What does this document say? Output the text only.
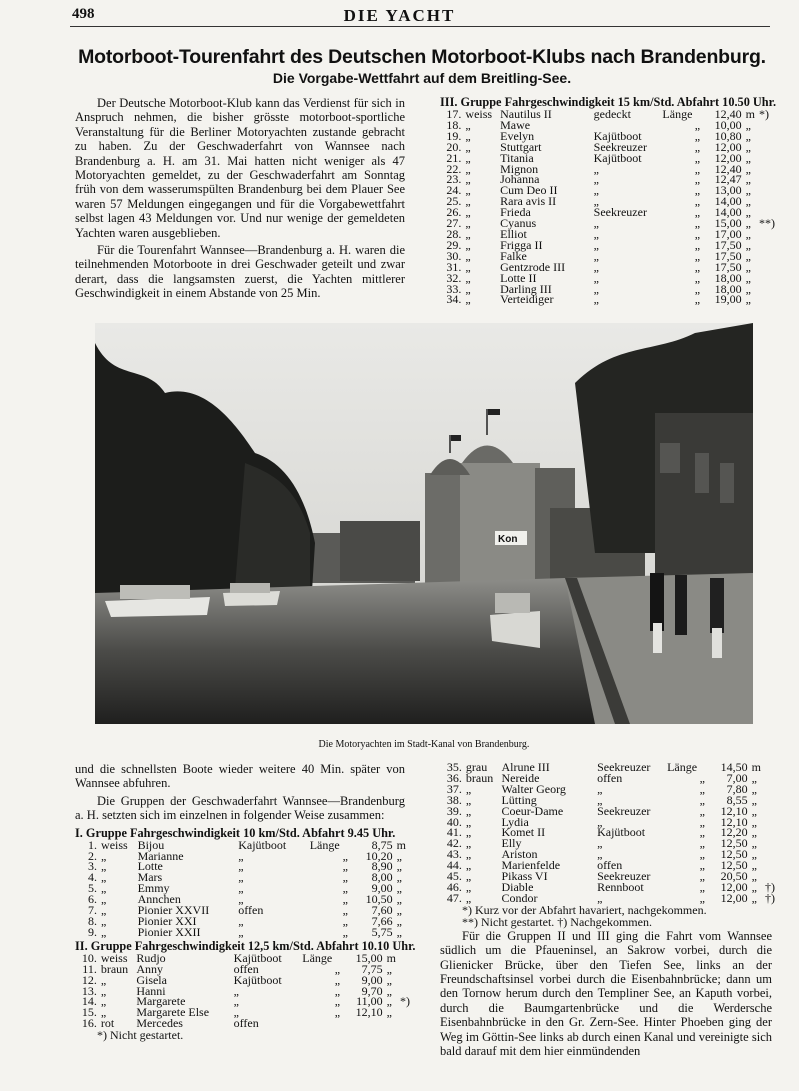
498	DIE YACHT
Motorboot-Tourenfahrt des Deutschen Motorboot-Klubs nach Brandenburg.
Die Vorgabe-Wettfahrt auf dem Breitling-See.

Der Deutsche Motorboot-Klub kann das Verdienst für sich in Anspruch nehmen, die bisher grösste motorboot-sportliche Veranstaltung für die Berliner Motoryachten zustande gebracht zu haben. Zu der Geschwaderfahrt von Wannsee nach Brandenburg a. H. am 31. Mai hatten nicht weniger als 47 Motoryachten gemeldet, zu der Geschwaderfahrt am Sonntag früh von dem wasserumspülten Brandenburg bei dem Plauer See waren 57 Meldungen eingegangen und für die Vorgabewettfahrt selbst lagen 43 Meldungen vor. Und nur wenige der gemeldeten Yachten waren ausgeblieben.

Für die Tourenfahrt Wannsee—Brandenburg a. H. waren die teilnehmenden Motorboote in drei Geschwader geteilt und zwar derart, dass die langsamsten zuerst, die Yachten mittlerer Geschwindigkeit in einem Abstande von 25 Min.

III. Gruppe Fahrgeschwindigkeit 15 km/Std. Abfahrt 10.50 Uhr.
17.	weiss	Nautilus II	gedeckt	Länge		12,40	m	*)
18.	„	Mawe			„	10,00	„	
19.	„	Evelyn	Kajütboot		„	10,80	„	
20.	„	Stuttgart	Seekreuzer		„	12,00	„	
21.	„	Titania	Kajütboot		„	12,00	„	
22.	„	Mignon	„		„	12,40	„	
23.	„	Johanna	„		„	12,47	„	
24.	„	Cum Deo II	„		„	13,00	„	
25.	„	Rara avis II	„		„	14,00	„	
26.	„	Frieda	Seekreuzer		„	14,00	„	
27.	„	Cyanus	„		„	15,00	„	**)
28.	„	Elliot	„		„	17,00	„	
29.	„	Frigga II	„		„	17,50	„	
30.	„	Falke	„		„	17,50	„	
31.	„	Gentzrode III	„		„	17,50	„	
32.	„	Lotte II	„		„	18,00	„	
33.	„	Darling III	„		„	18,00	„	
34.	„	Verteidiger	„		„	19,00	„	
Kon
Die Motoryachten im Stadt-Kanal von Brandenburg.

und die schnellsten Boote wieder weitere 40 Min. später von Wannsee abfuhren.

Die Gruppen der Geschwaderfahrt Wannsee—Brandenburg a. H. setzten sich im einzelnen in folgender Weise zusammen:

I. Gruppe Fahrgeschwindigkeit 10 km/Std. Abfahrt 9.45 Uhr.
1.	weiss	Bijou	Kajütboot	Länge		8,75	m	
2.	„	Marianne	„		„	10,20	„	
3.	„	Lotte	„		„	8,90	„	
4.	„	Mars	„		„	8,00	„	
5.	„	Emmy	„		„	9,00	„	
6.	„	Annchen	„		„	10,50	„	
7.	„	Pionier XXVII	offen		„	7,60	„	
8.	„	Pionier XXI	„		„	7,66	„	
9.	„	Pionier XXII	„		„	5,75	„	
II. Gruppe Fahrgeschwindigkeit 12,5 km/Std. Abfahrt 10.10 Uhr.
10.	weiss	Rudjo	Kajütboot	Länge		15,00	m	
11.	braun	Anny	offen		„	7,75	„	
12.	„	Gisela	Kajütboot		„	9,00	„	
13.	„	Hanni	„		„	9,70	„	
14.	„	Margarete	„		„	11,00	„	*)
15.	„	Margarete Else	„		„	12,10	„	
16.	rot	Mercedes	offen					
*) Nicht gestartet.
35.	grau	Alrune III	Seekreuzer	Länge		14,50	m	
36.	braun	Nereide	offen		„	7,00	„	
37.	„	Walter Georg	„		„	7,80	„	
38.	„	Lütting	„		„	8,55	„	
39.	„	Coeur-Dame	Seekreuzer		„	12,10	„	
40.	„	Lydia	„		„	12,10	„	
41.	„	Komet II	Kajütboot		„	12,20	„	
42.	„	Elly	„		„	12,50	„	
43.	„	Ariston	„		„	12,50	„	
44.	„	Marienfelde	offen		„	12,50	„	
45.	„	Pikass VI	Seekreuzer		„	20,50	„	
46.	„	Diable	Rennboot		„	12,00	„	†)
47.	„	Condor	„		„	12,00	„	†)
*) Kurz vor der Abfahrt havariert, nachgekommen.
**) Nicht gestartet. †) Nachgekommen.

Für die Gruppen II und III ging die Fahrt vom Wannsee südlich um die Pfaueninsel, an Sakrow vorbei, durch die Glienicker Brücke, über den Tiefen See, links an der Freundschaftsinsel vorbei durch die Eisenbahnbrücke; dann um den Tornow herum durch den Templiner See, an Kaputh vorbei, durch die Baumgartenbrücke und die Werdersche Eisenbahnbrücke in den Gr. Zern-See. Hinter Phoeben ging der Weg im Göttin-See links ab durch einen Kanal und vereinigte sich bald darauf mit dem hier einmündenden
